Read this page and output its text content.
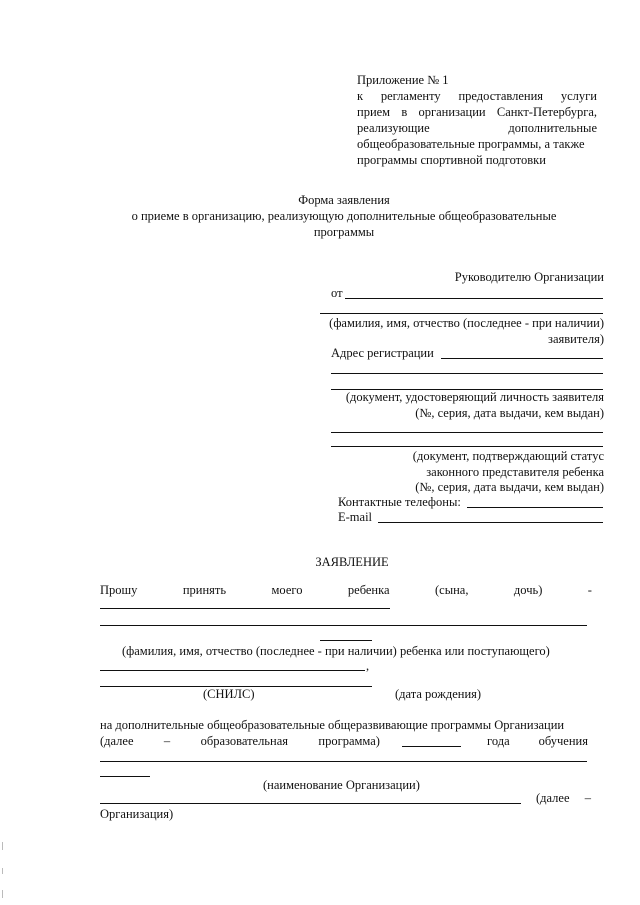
Приложение № 1
к регламенту предоставления услуги
прием в организации Санкт-Петербурга,
реализующие	дополнительные
общеобразовательные программы, а также
программы спортивной подготовки
Форма заявления
о приеме в организацию, реализующую дополнительные общеобразовательные
программы
Руководителю Организации
от
(фамилия, имя, отчество (последнее - при наличии)
заявителя)
Адрес регистрации
(документ, удостоверяющий личность заявителя
(№, серия, дата выдачи, кем выдан)
(документ, подтверждающий статус
законного представителя ребенка
(№, серия, дата выдачи, кем выдан)
Контактные телефоны:
E-mail
ЗАЯВЛЕНИЕ
Прошу	принять	моего	ребенка	(сына,	дочь)	-
(фамилия, имя, отчество (последнее - при наличии) ребенка или поступающего)
,
(СНИЛС)	(дата рождения)
на дополнительные общеобразовательные общеразвивающие программы Организации
(далее – образовательная программа)	года обучения
(наименование Организации)
(далее –
Организация)
